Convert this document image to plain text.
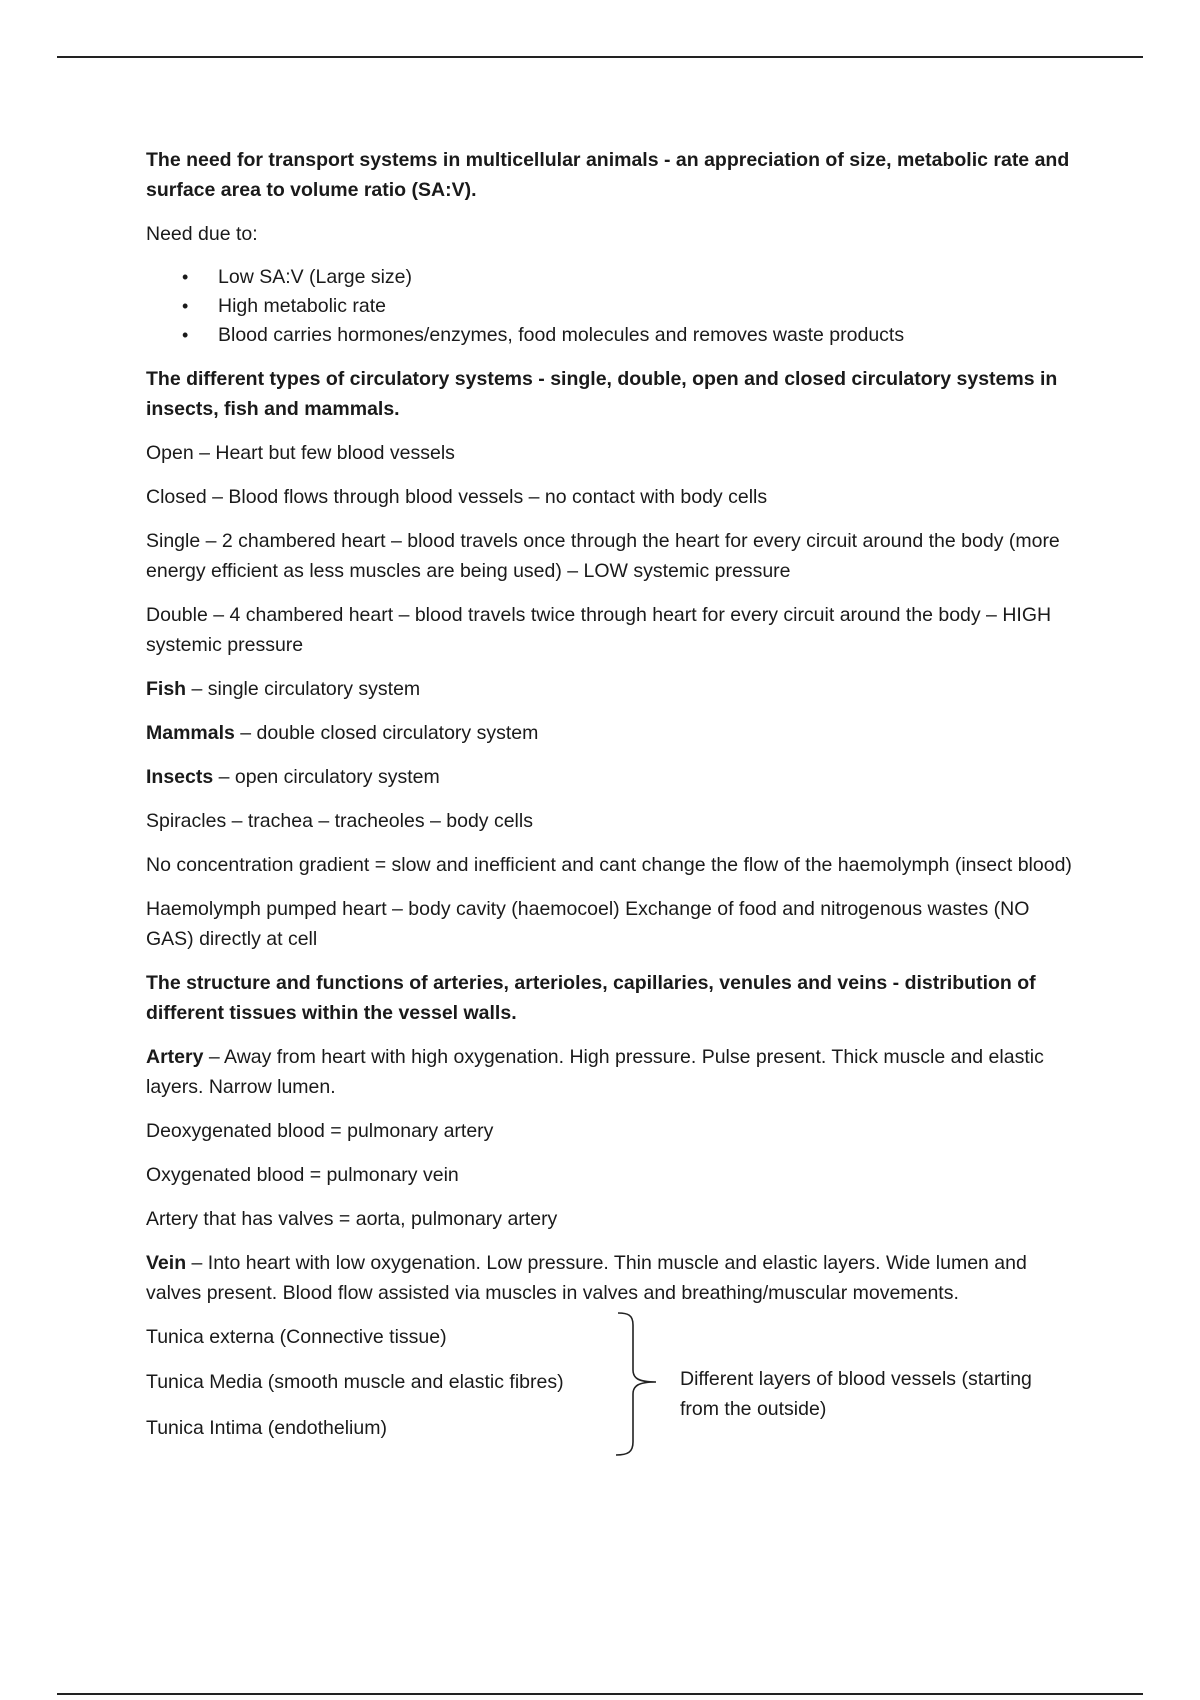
The need for transport systems in multicellular animals - an appreciation of size, metabolic rate and surface area to volume ratio (SA:V).

Need due to:

• Low SA:V (Large size)
• High metabolic rate
• Blood carries hormones/enzymes, food molecules and removes waste products

The different types of circulatory systems - single, double, open and closed circulatory systems in insects, fish and mammals.

Open – Heart but few blood vessels

Closed – Blood flows through blood vessels – no contact with body cells

Single – 2 chambered heart – blood travels once through the heart for every circuit around the body (more energy efficient as less muscles are being used) – LOW systemic pressure

Double – 4 chambered heart – blood travels twice through heart for every circuit around the body – HIGH systemic pressure

Fish – single circulatory system

Mammals – double closed circulatory system

Insects – open circulatory system

Spiracles – trachea – tracheoles – body cells

No concentration gradient = slow and inefficient and cant change the flow of the haemolymph (insect blood)

Haemolymph pumped heart – body cavity (haemocoel) Exchange of food and nitrogenous wastes (NO GAS) directly at cell

The structure and functions of arteries, arterioles, capillaries, venules and veins - distribution of different tissues within the vessel walls.

Artery – Away from heart with high oxygenation. High pressure. Pulse present. Thick muscle and elastic layers. Narrow lumen.

Deoxygenated blood = pulmonary artery

Oxygenated blood = pulmonary vein

Artery that has valves = aorta, pulmonary artery

Vein – Into heart with low oxygenation. Low pressure. Thin muscle and elastic layers. Wide lumen and valves present. Blood flow assisted via muscles in valves and breathing/muscular movements.

Tunica externa (Connective tissue)
Tunica Media (smooth muscle and elastic fibres)
Tunica Intima (endothelium)
Different layers of blood vessels (starting from the outside)
